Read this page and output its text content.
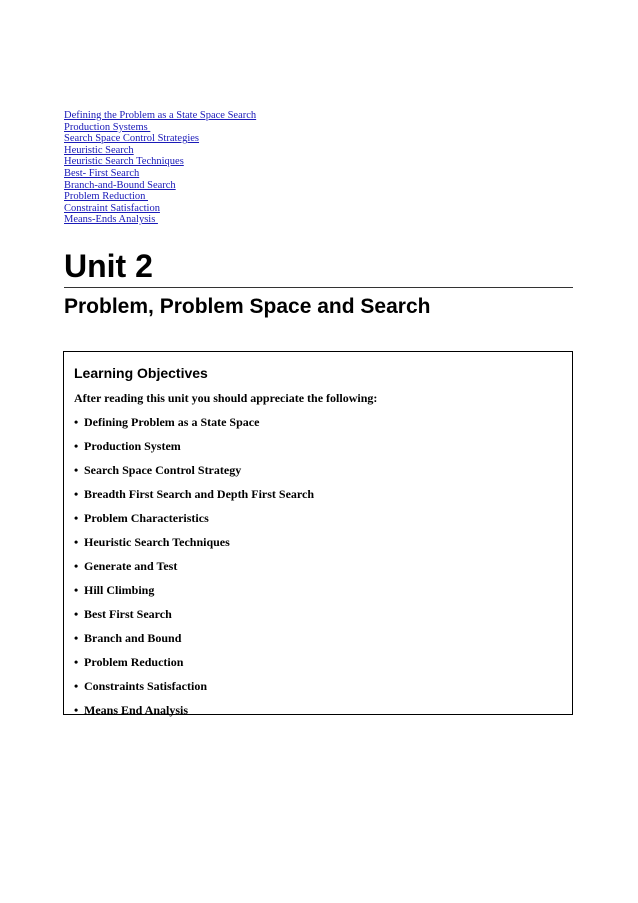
Defining the Problem as a State Space Search
Production Systems
Search Space Control Strategies
Heuristic Search
Heuristic Search Techniques
Best- First Search
Branch-and-Bound Search
Problem Reduction
Constraint Satisfaction
Means-Ends Analysis
Unit 2
Problem, Problem Space and Search
Learning Objectives

After reading this unit you should appreciate the following:

• Defining Problem as a State Space
• Production System
• Search Space Control Strategy
• Breadth First Search and Depth First Search
• Problem Characteristics
• Heuristic Search Techniques
• Generate and Test
• Hill Climbing
• Best First Search
• Branch and Bound
• Problem Reduction
• Constraints Satisfaction
• Means End Analysis
